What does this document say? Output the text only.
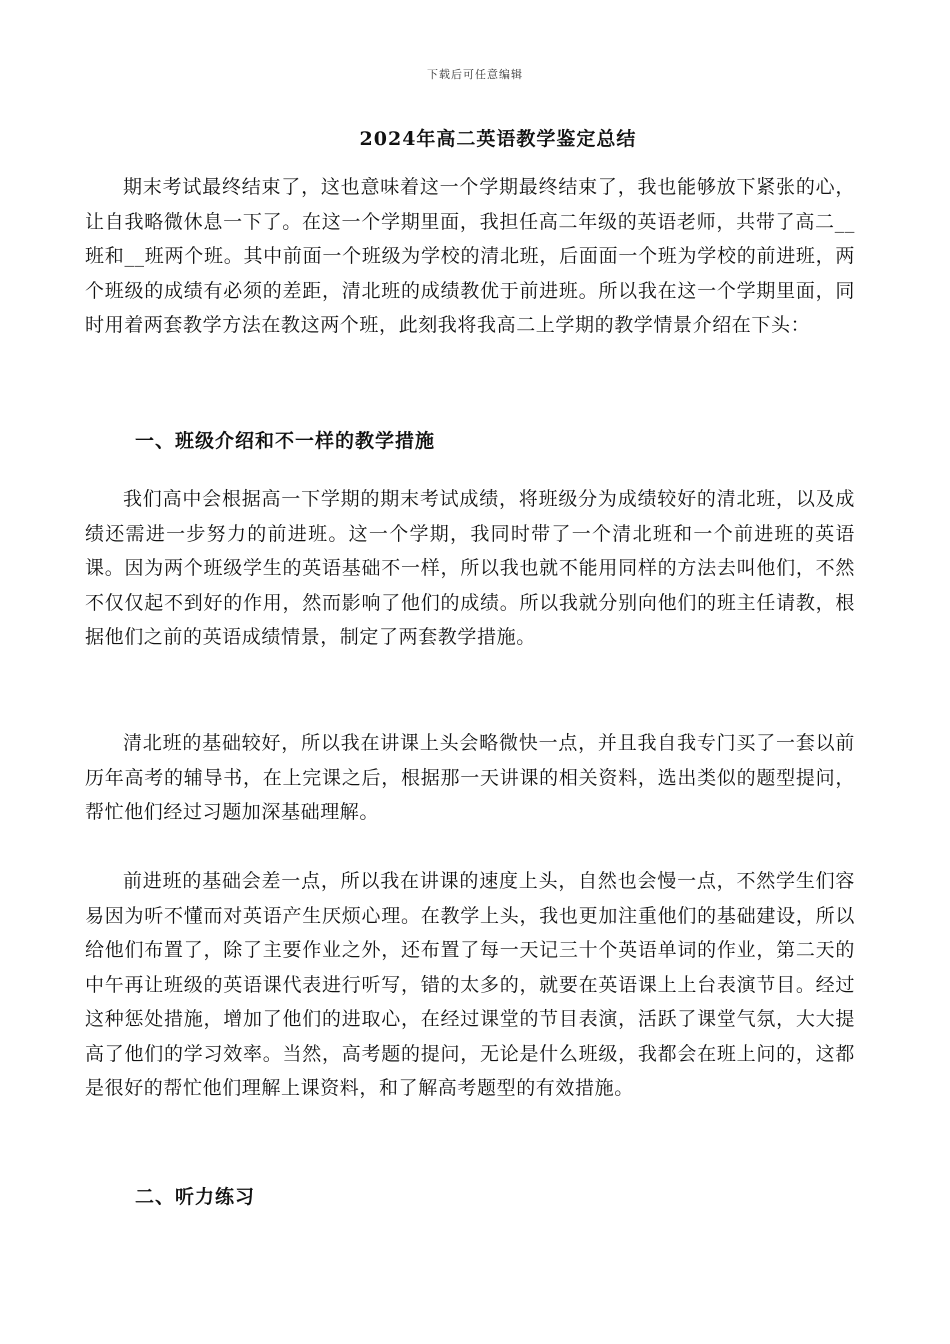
下载后可任意编辑
2024年高二英语教学鉴定总结

期末考试最终结束了，这也意味着这一个学期最终结束了，我也能够放下紧张的心，让自我略微休息一下了。在这一个学期里面，我担任高二年级的英语老师，共带了高二__班和__班两个班。其中前面一个班级为学校的清北班，后面面一个班为学校的前进班，两个班级的成绩有必须的差距，清北班的成绩教优于前进班。所以我在这一个学期里面，同时用着两套教学方法在教这两个班，此刻我将我高二上学期的教学情景介绍在下头：

一、班级介绍和不一样的教学措施

我们高中会根据高一下学期的期末考试成绩，将班级分为成绩较好的清北班，以及成绩还需进一步努力的前进班。这一个学期，我同时带了一个清北班和一个前进班的英语课。因为两个班级学生的英语基础不一样，所以我也就不能用同样的方法去叫他们，不然不仅仅起不到好的作用，然而影响了他们的成绩。所以我就分别向他们的班主任请教，根据他们之前的英语成绩情景，制定了两套教学措施。

清北班的基础较好，所以我在讲课上头会略微快一点，并且我自我专门买了一套以前历年高考的辅导书，在上完课之后，根据那一天讲课的相关资料，选出类似的题型提问，帮忙他们经过习题加深基础理解。

前进班的基础会差一点，所以我在讲课的速度上头，自然也会慢一点，不然学生们容易因为听不懂而对英语产生厌烦心理。在教学上头，我也更加注重他们的基础建设，所以给他们布置了，除了主要作业之外，还布置了每一天记三十个英语单词的作业，第二天的中午再让班级的英语课代表进行听写，错的太多的，就要在英语课上上台表演节目。经过这种惩处措施，增加了他们的进取心，在经过课堂的节目表演，活跃了课堂气氛，大大提高了他们的学习效率。当然，高考题的提问，无论是什么班级，我都会在班上问的，这都是很好的帮忙他们理解上课资料，和了解高考题型的有效措施。

二、听力练习
